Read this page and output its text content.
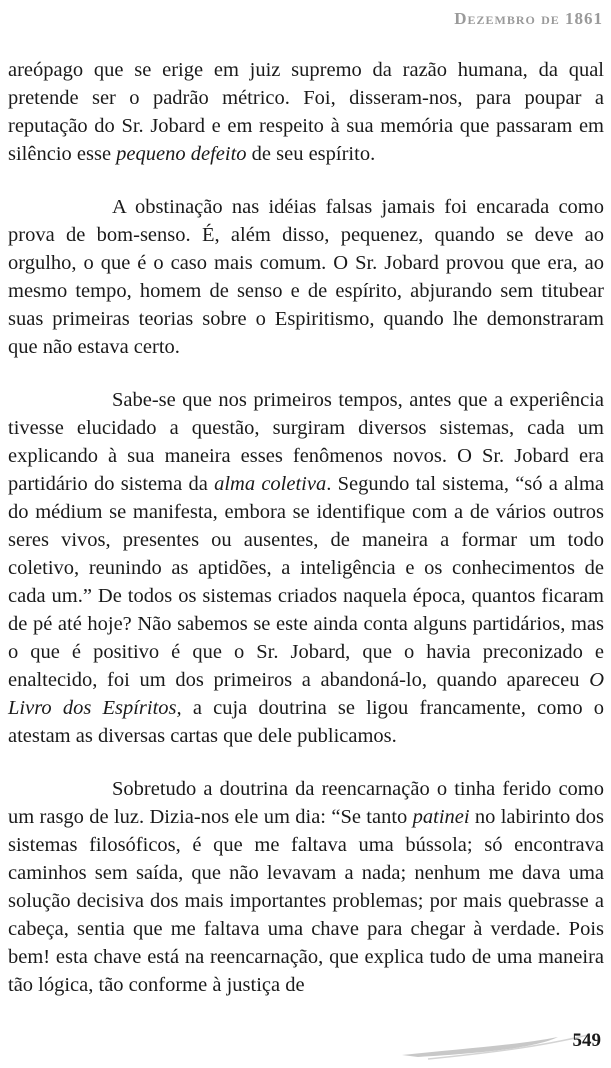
Dezembro de 1861

areópago que se erige em juiz supremo da razão humana, da qual pretende ser o padrão métrico. Foi, disseram-nos, para poupar a reputação do Sr. Jobard e em respeito à sua memória que passaram em silêncio esse pequeno defeito de seu espírito.

A obstinação nas idéias falsas jamais foi encarada como prova de bom-senso. É, além disso, pequenez, quando se deve ao orgulho, o que é o caso mais comum. O Sr. Jobard provou que era, ao mesmo tempo, homem de senso e de espírito, abjurando sem titubear suas primeiras teorias sobre o Espiritismo, quando lhe demonstraram que não estava certo.

Sabe-se que nos primeiros tempos, antes que a experiência tivesse elucidado a questão, surgiram diversos sistemas, cada um explicando à sua maneira esses fenômenos novos. O Sr. Jobard era partidário do sistema da alma coletiva. Segundo tal sistema, “só a alma do médium se manifesta, embora se identifique com a de vários outros seres vivos, presentes ou ausentes, de maneira a formar um todo coletivo, reunindo as aptidões, a inteligência e os conhecimentos de cada um.” De todos os sistemas criados naquela época, quantos ficaram de pé até hoje? Não sabemos se este ainda conta alguns partidários, mas o que é positivo é que o Sr. Jobard, que o havia preconizado e enaltecido, foi um dos primeiros a abandoná-lo, quando apareceu O Livro dos Espíritos, a cuja doutrina se ligou francamente, como o atestam as diversas cartas que dele publicamos.

Sobretudo a doutrina da reencarnação o tinha ferido como um rasgo de luz. Dizia-nos ele um dia: “Se tanto patinei no labirinto dos sistemas filosóficos, é que me faltava uma bússola; só encontrava caminhos sem saída, que não levavam a nada; nenhum me dava uma solução decisiva dos mais importantes problemas; por mais quebrasse a cabeça, sentia que me faltava uma chave para chegar à verdade. Pois bem! esta chave está na reencarnação, que explica tudo de uma maneira tão lógica, tão conforme à justiça de

549
